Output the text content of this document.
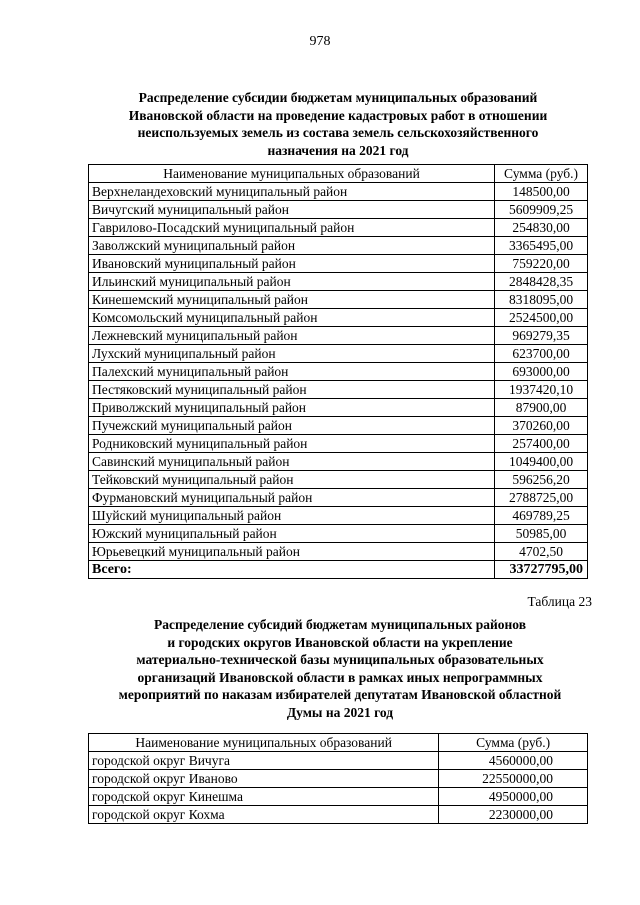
978
Распределение субсидии бюджетам муниципальных образований
Ивановской области на проведение кадастровых работ в отношении
неиспользуемых земель из состава земель сельскохозяйственного
назначения на 2021 год
Наименование муниципальных образований	Сумма (руб.)
Верхнеландеховский муниципальный район	148500,00
Вичугский муниципальный район	5609909,25
Гаврилово-Посадский муниципальный район	254830,00
Заволжский муниципальный район	3365495,00
Ивановский муниципальный район	759220,00
Ильинский муниципальный район	2848428,35
Кинешемский муниципальный район	8318095,00
Комсомольский муниципальный район	2524500,00
Лежневский муниципальный район	969279,35
Лухский муниципальный район	623700,00
Палехский муниципальный район	693000,00
Пестяковский муниципальный район	1937420,10
Приволжский муниципальный район	87900,00
Пучежский муниципальный район	370260,00
Родниковский муниципальный район	257400,00
Савинский муниципальный район	1049400,00
Тейковский муниципальный район	596256,20
Фурмановский муниципальный район	2788725,00
Шуйский муниципальный район	469789,25
Южский муниципальный район	50985,00
Юрьевецкий муниципальный район	4702,50
Всего:	33727795,00
Таблица 23
Распределение субсидий бюджетам муниципальных районов
и городских округов Ивановской области на укрепление
материально-технической базы муниципальных образовательных
организаций Ивановской области в рамках иных непрограммных
мероприятий по наказам избирателей депутатам Ивановской областной
Думы на 2021 год
Наименование муниципальных образований	Сумма (руб.)
городской округ Вичуга	4560000,00
городской округ Иваново	22550000,00
городской округ Кинешма	4950000,00
городской округ Кохма	2230000,00
